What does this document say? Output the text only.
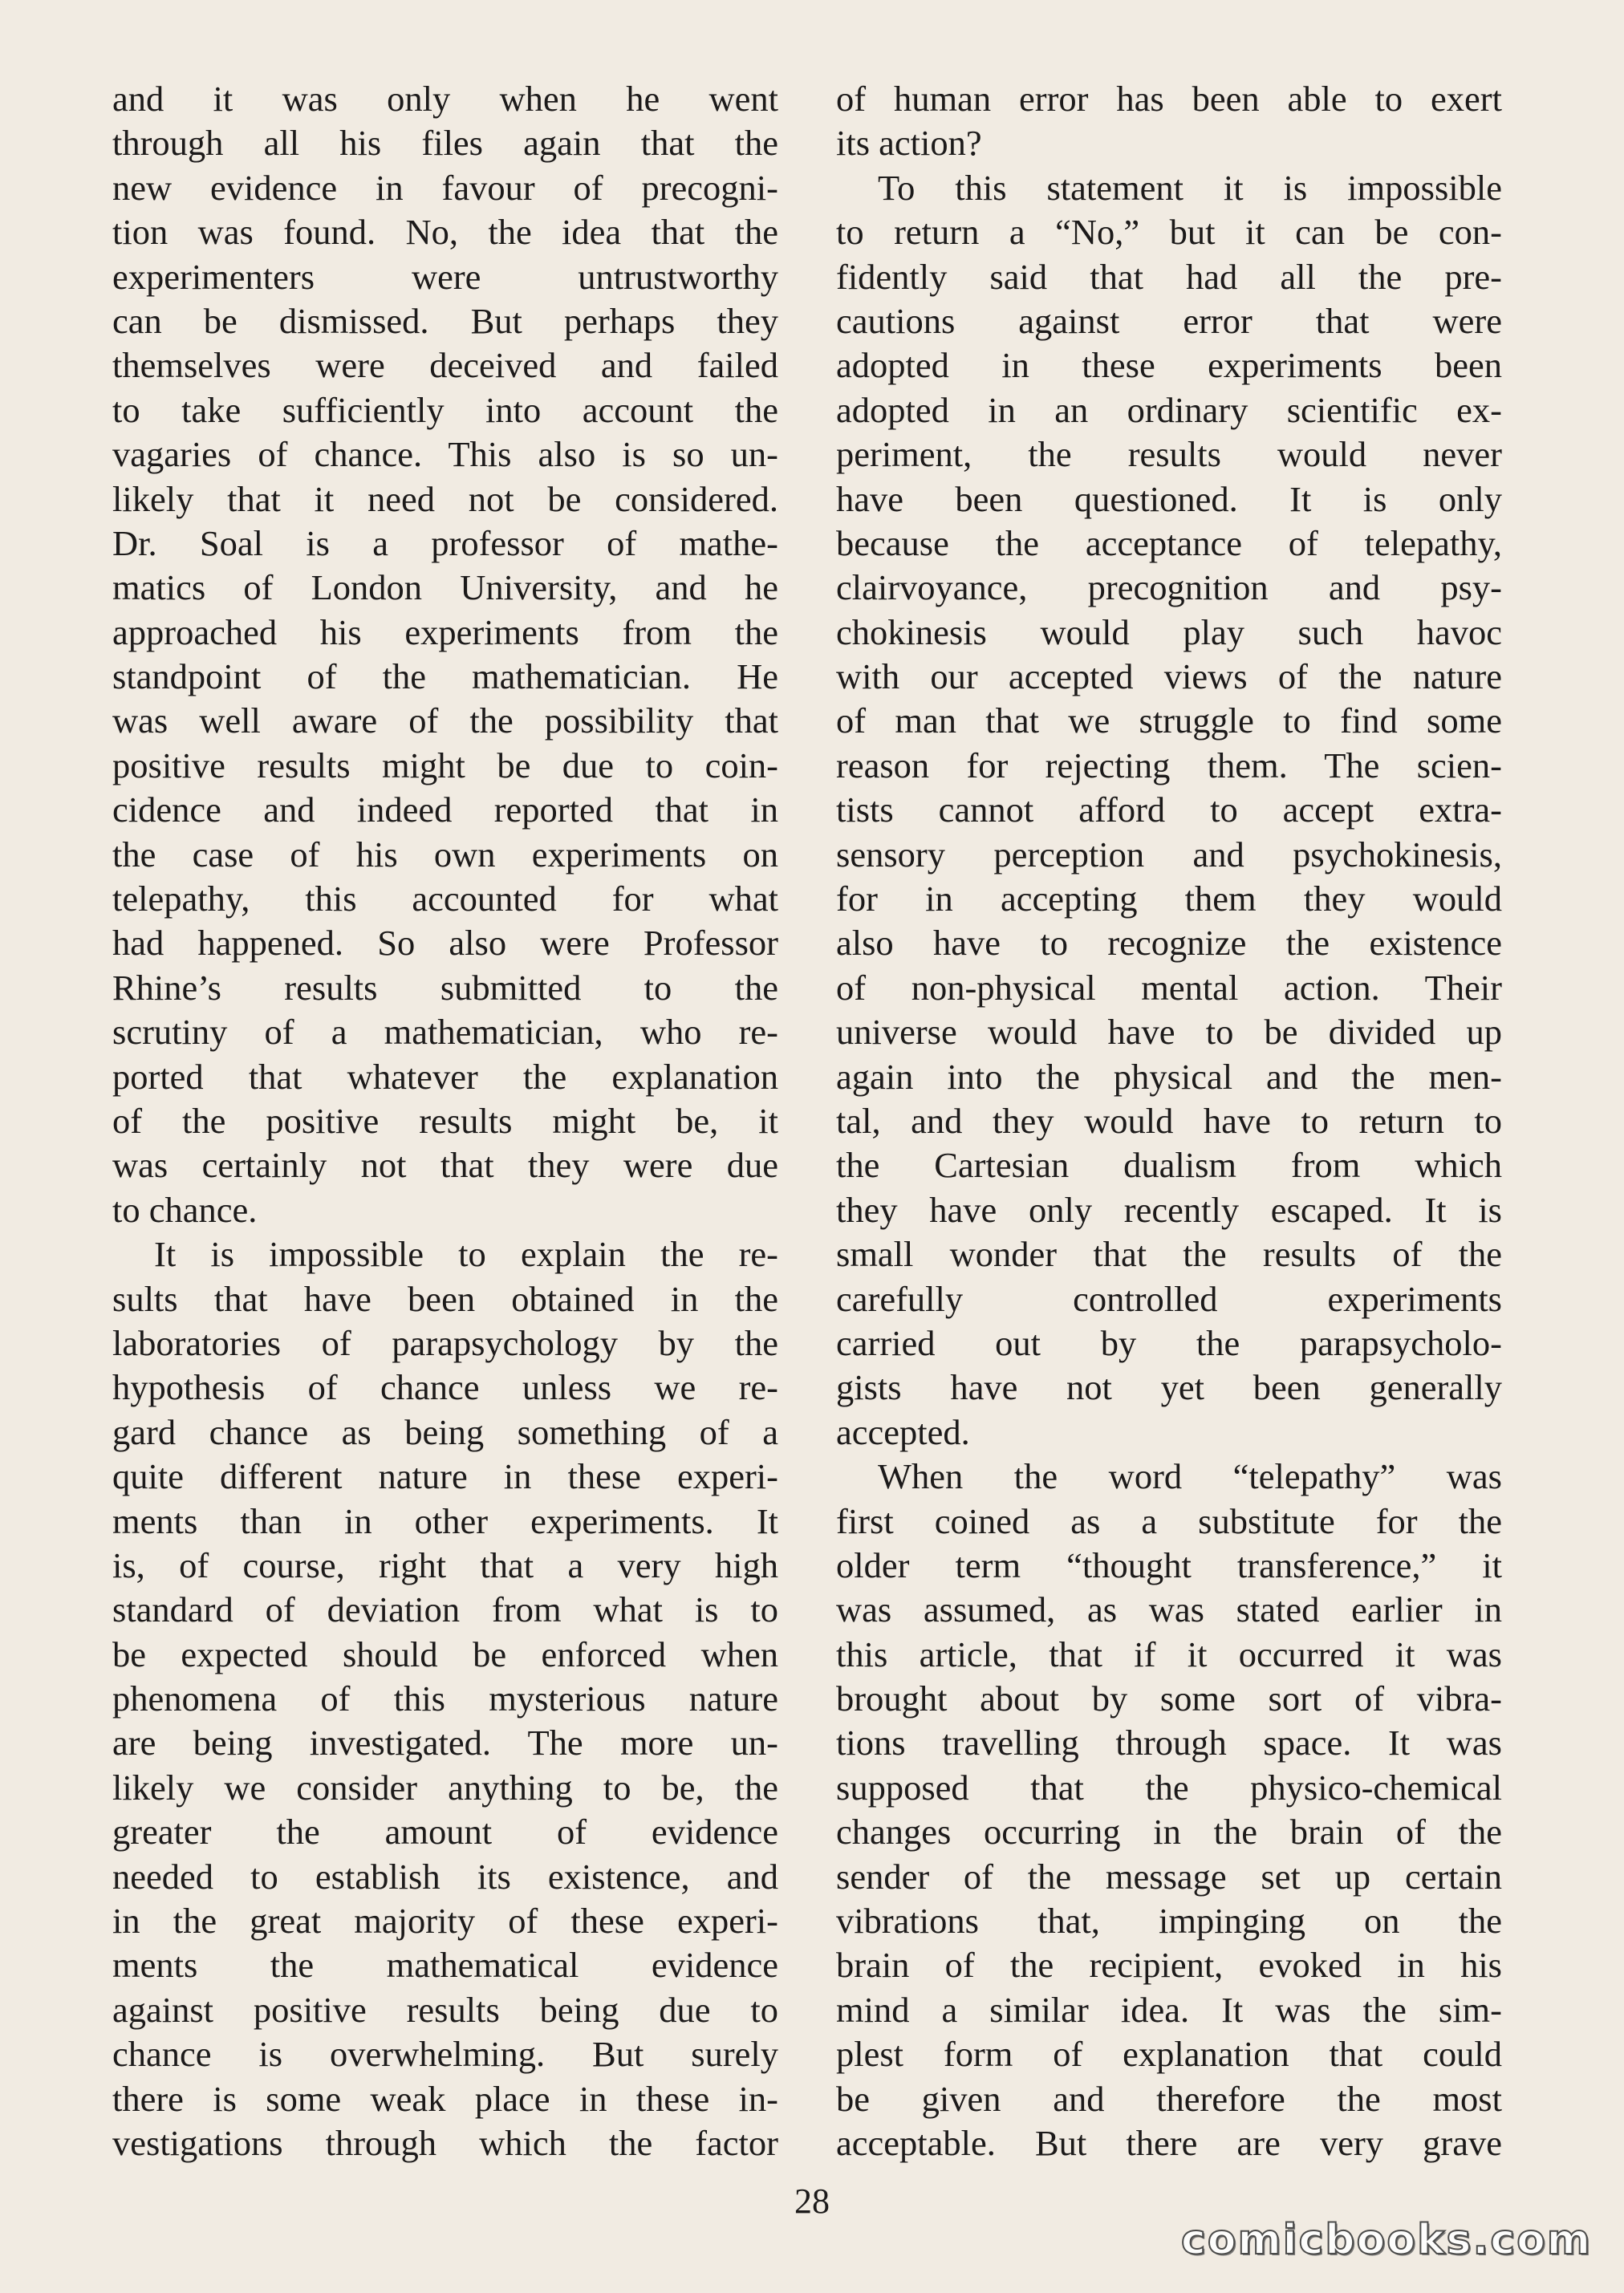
and it was only when he went
through all his files again that the
new evidence in favour of precogni-
tion was found. No, the idea that the
experimenters were untrustworthy
can be dismissed. But perhaps they
themselves were deceived and failed
to take sufficiently into account the
vagaries of chance. This also is so un-
likely that it need not be considered.
Dr. Soal is a professor of mathe-
matics of London University, and he
approached his experiments from the
standpoint of the mathematician. He
was well aware of the possibility that
positive results might be due to coin-
cidence and indeed reported that in
the case of his own experiments on
telepathy, this accounted for what
had happened. So also were Professor
Rhine’s results submitted to the
scrutiny of a mathematician, who re-
ported that whatever the explanation
of the positive results might be, it
was certainly not that they were due
to chance.
It is impossible to explain the re-
sults that have been obtained in the
laboratories of parapsychology by the
hypothesis of chance unless we re-
gard chance as being something of a
quite different nature in these experi-
ments than in other experiments. It
is, of course, right that a very high
standard of deviation from what is to
be expected should be enforced when
phenomena of this mysterious nature
are being investigated. The more un-
likely we consider anything to be, the
greater the amount of evidence
needed to establish its existence, and
in the great majority of these experi-
ments the mathematical evidence
against positive results being due to
chance is overwhelming. But surely
there is some weak place in these in-
vestigations through which the factor
of human error has been able to exert
its action?
To this statement it is impossible
to return a “No,” but it can be con-
fidently said that had all the pre-
cautions against error that were
adopted in these experiments been
adopted in an ordinary scientific ex-
periment, the results would never
have been questioned. It is only
because the acceptance of telepathy,
clairvoyance, precognition and psy-
chokinesis would play such havoc
with our accepted views of the nature
of man that we struggle to find some
reason for rejecting them. The scien-
tists cannot afford to accept extra-
sensory perception and psychokinesis,
for in accepting them they would
also have to recognize the existence
of non-physical mental action. Their
universe would have to be divided up
again into the physical and the men-
tal, and they would have to return to
the Cartesian dualism from which
they have only recently escaped. It is
small wonder that the results of the
carefully controlled experiments
carried out by the parapsycholo-
gists have not yet been generally
accepted.
When the word “telepathy” was
first coined as a substitute for the
older term “thought transference,” it
was assumed, as was stated earlier in
this article, that if it occurred it was
brought about by some sort of vibra-
tions travelling through space. It was
supposed that the physico-chemical
changes occurring in the brain of the
sender of the message set up certain
vibrations that, impinging on the
brain of the recipient, evoked in his
mind a similar idea. It was the sim-
plest form of explanation that could
be given and therefore the most
acceptable. But there are very grave
28
comicbooks.com
